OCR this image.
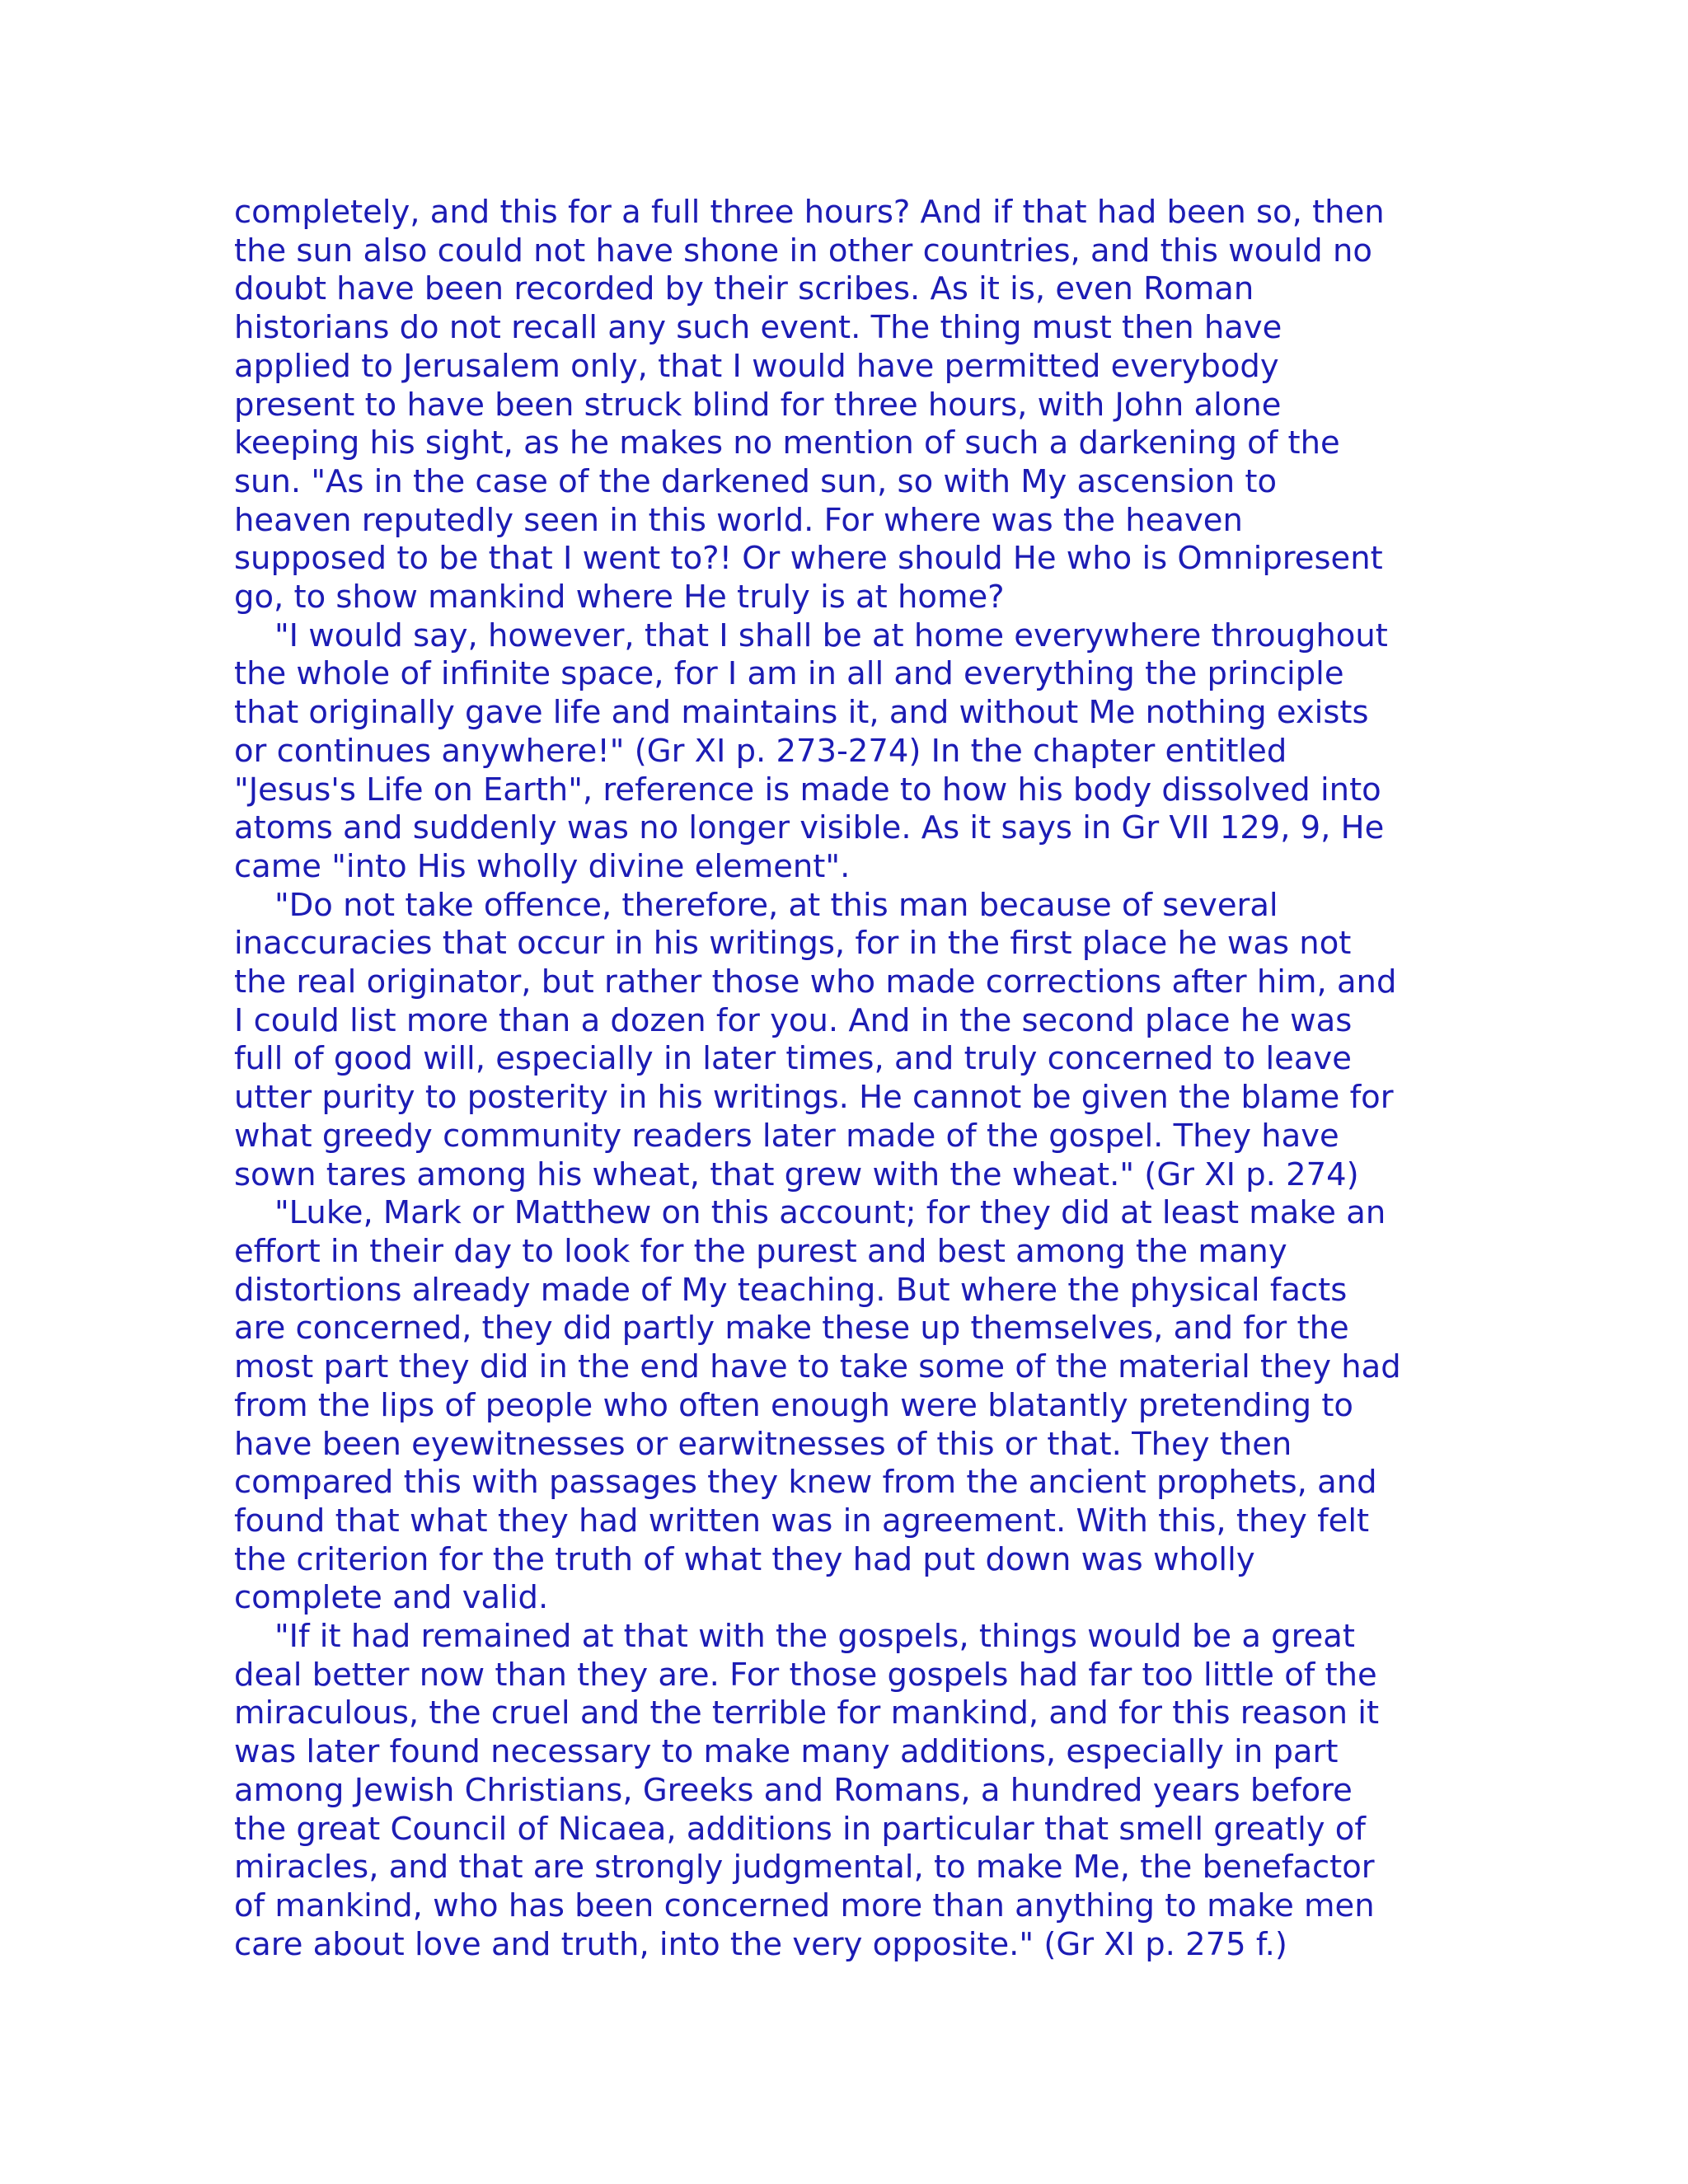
completely, and this for a full three hours? And if that had been so, then
the sun also could not have shone in other countries, and this would no
doubt have been recorded by their scribes. As it is, even Roman
historians do not recall any such event. The thing must then have
applied to Jerusalem only, that I would have permitted everybody
present to have been struck blind for three hours, with John alone
keeping his sight, as he makes no mention of such a darkening of the
sun. "As in the case of the darkened sun, so with My ascension to
heaven reputedly seen in this world. For where was the heaven
supposed to be that I went to?! Or where should He who is Omnipresent
go, to show mankind where He truly is at home?
"I would say, however, that I shall be at home everywhere throughout
the whole of infinite space, for I am in all and everything the principle
that originally gave life and maintains it, and without Me nothing exists
or continues anywhere!" (Gr XI p. 273-274) In the chapter entitled
"Jesus's Life on Earth", reference is made to how his body dissolved into
atoms and suddenly was no longer visible. As it says in Gr VII 129, 9, He
came "into His wholly divine element".
"Do not take offence, therefore, at this man because of several
inaccuracies that occur in his writings, for in the first place he was not
the real originator, but rather those who made corrections after him, and
I could list more than a dozen for you. And in the second place he was
full of good will, especially in later times, and truly concerned to leave
utter purity to posterity in his writings. He cannot be given the blame for
what greedy community readers later made of the gospel. They have
sown tares among his wheat, that grew with the wheat." (Gr XI p. 274)
"Luke, Mark or Matthew on this account; for they did at least make an
effort in their day to look for the purest and best among the many
distortions already made of My teaching. But where the physical facts
are concerned, they did partly make these up themselves, and for the
most part they did in the end have to take some of the material they had
from the lips of people who often enough were blatantly pretending to
have been eyewitnesses or earwitnesses of this or that. They then
compared this with passages they knew from the ancient prophets, and
found that what they had written was in agreement. With this, they felt
the criterion for the truth of what they had put down was wholly
complete and valid.
"If it had remained at that with the gospels, things would be a great
deal better now than they are. For those gospels had far too little of the
miraculous, the cruel and the terrible for mankind, and for this reason it
was later found necessary to make many additions, especially in part
among Jewish Christians, Greeks and Romans, a hundred years before
the great Council of Nicaea, additions in particular that smell greatly of
miracles, and that are strongly judgmental, to make Me, the benefactor
of mankind, who has been concerned more than anything to make men
care about love and truth, into the very opposite." (Gr XI p. 275 f.)
